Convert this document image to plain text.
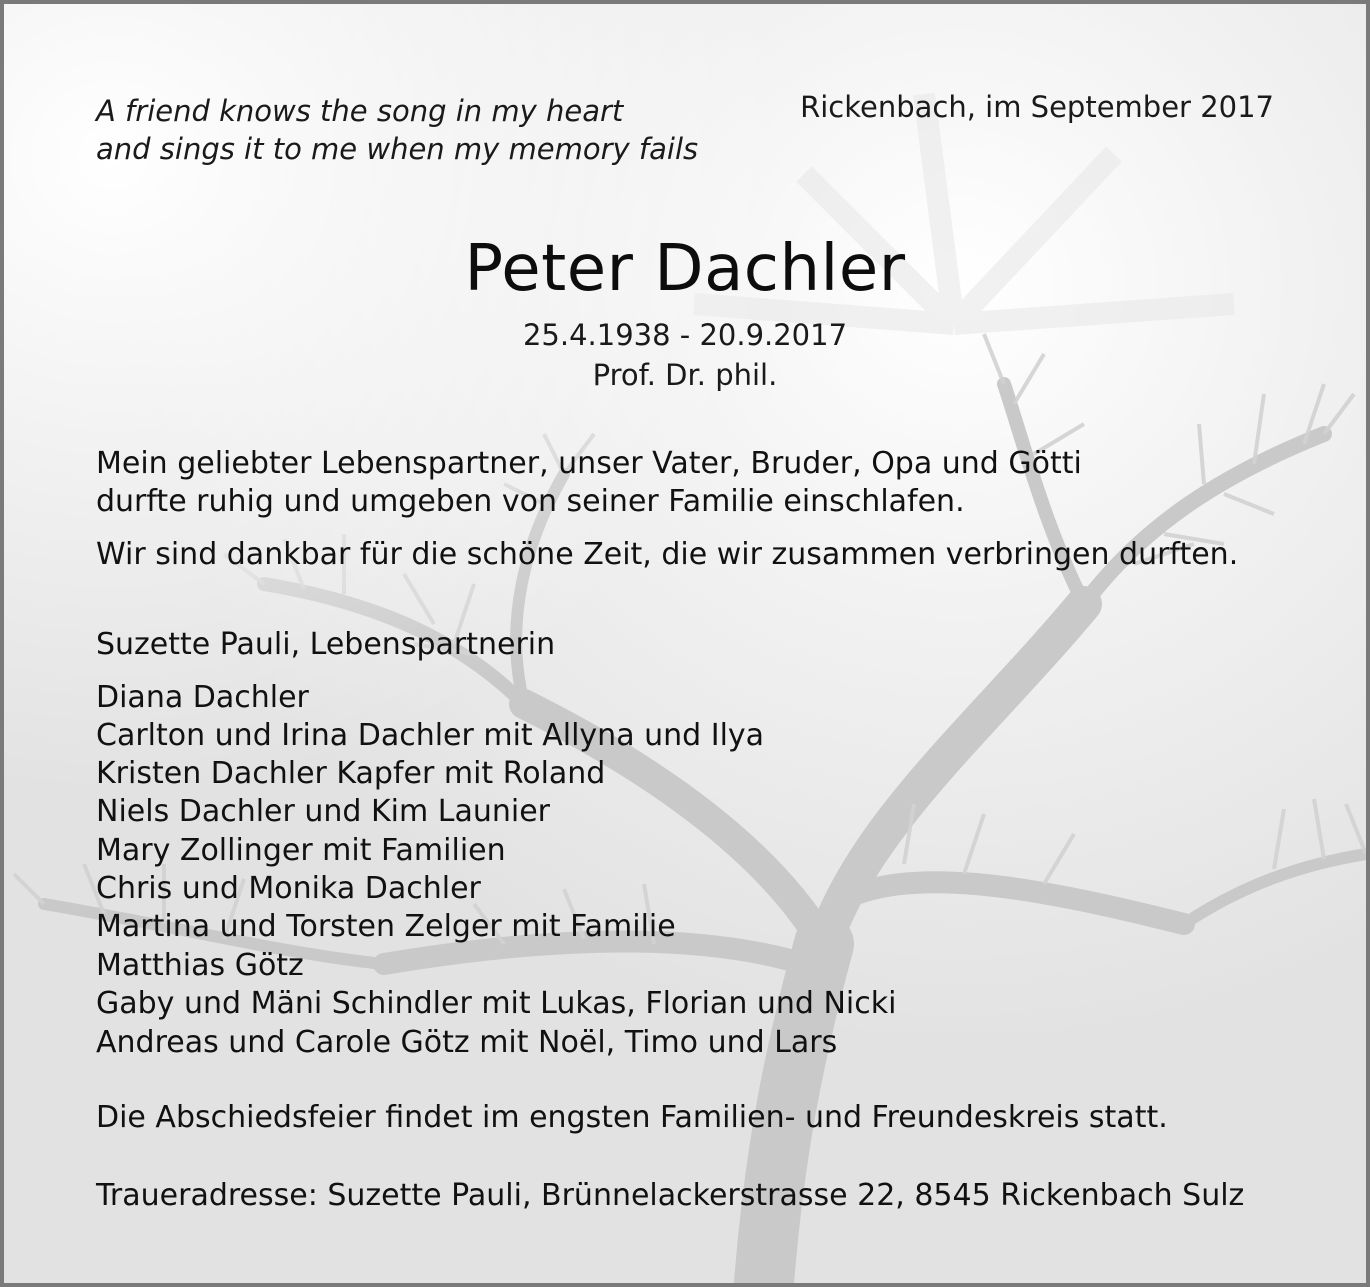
A friend knows the song in my heart
and sings it to me when my memory fails
Rickenbach, im September 2017
Peter Dachler
25.4.1938 - 20.9.2017
Prof. Dr. phil.
Mein geliebter Lebenspartner, unser Vater, Bruder, Opa und Götti
durfte ruhig und umgeben von seiner Familie einschlafen.
Wir sind dankbar für die schöne Zeit, die wir zusammen verbringen durften.
Suzette Pauli, Lebenspartnerin
Diana Dachler
Carlton und Irina Dachler mit Allyna und Ilya
Kristen Dachler Kapfer mit Roland
Niels Dachler und Kim Launier
Mary Zollinger mit Familien
Chris und Monika Dachler
Martina und Torsten Zelger mit Familie
Matthias Götz
Gaby und Mäni Schindler mit Lukas, Florian und Nicki
Andreas und Carole Götz mit Noël, Timo und Lars
Die Abschiedsfeier findet im engsten Familien- und Freundeskreis statt.
Traueradresse: Suzette Pauli, Brünnelackerstrasse 22, 8545 Rickenbach Sulz
